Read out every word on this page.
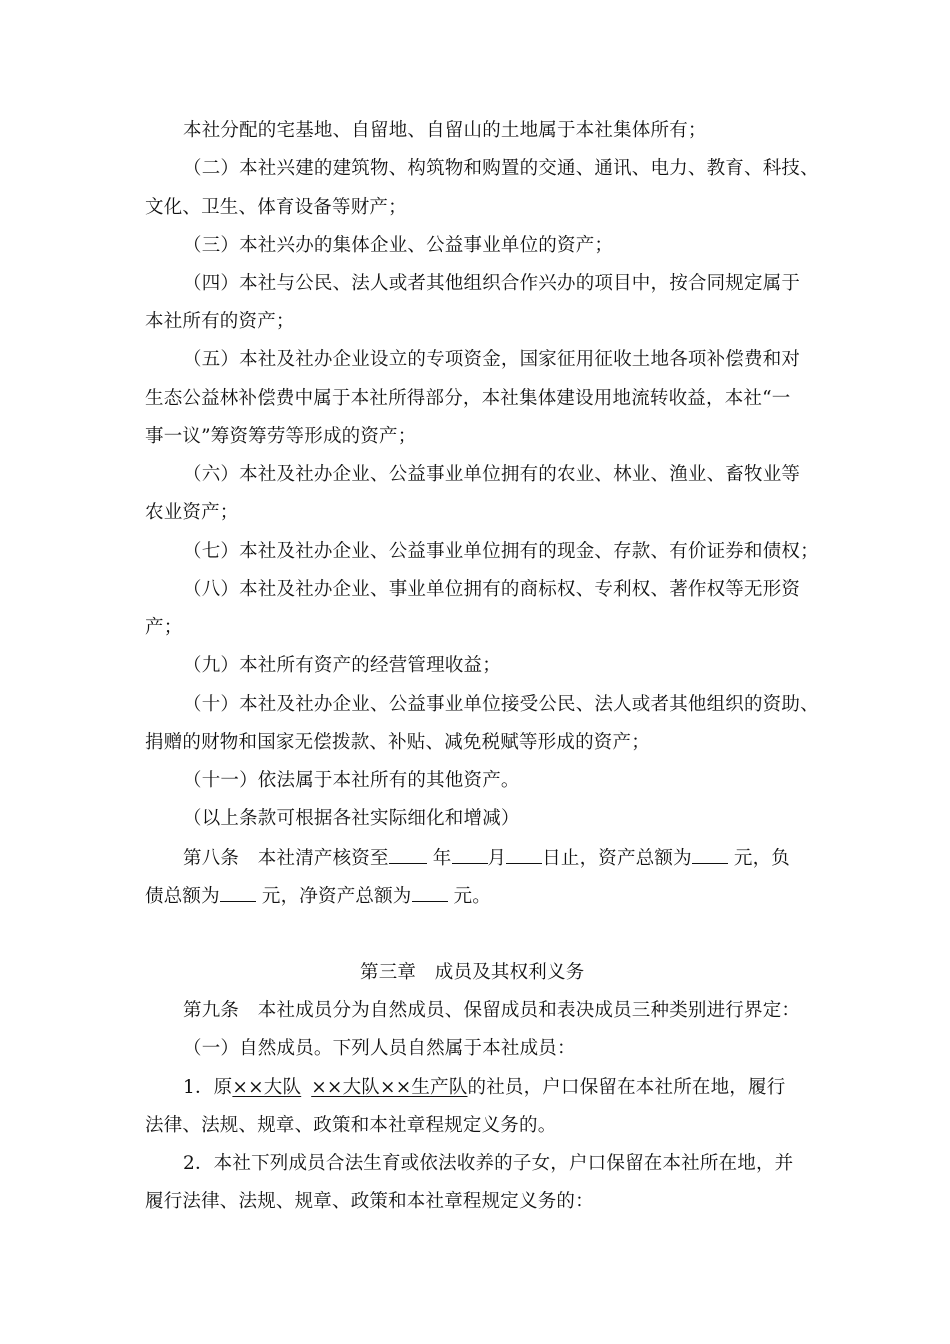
本社分配的宅基地、自留地、自留山的土地属于本社集体所有；
（二）本社兴建的建筑物、构筑物和购置的交通、通讯、电力、教育、科技、
文化、卫生、体育设备等财产；
（三）本社兴办的集体企业、公益事业单位的资产；
（四）本社与公民、法人或者其他组织合作兴办的项目中，按合同规定属于
本社所有的资产；
（五）本社及社办企业设立的专项资金，国家征用征收土地各项补偿费和对
生态公益林补偿费中属于本社所得部分，本社集体建设用地流转收益，本社“一
事一议”筹资筹劳等形成的资产；
（六）本社及社办企业、公益事业单位拥有的农业、林业、渔业、畜牧业等
农业资产；
（七）本社及社办企业、公益事业单位拥有的现金、存款、有价证券和债权；
（八）本社及社办企业、事业单位拥有的商标权、专利权、著作权等无形资
产；
（九）本社所有资产的经营管理收益；
（十）本社及社办企业、公益事业单位接受公民、法人或者其他组织的资助、
捐赠的财物和国家无偿拨款、补贴、减免税赋等形成的资产；
（十一）依法属于本社所有的其他资产。
（以上条款可根据各社实际细化和增减）
第八条　本社清产核资至 年 月 日止，资产总额为 元，负
债总额为 元，净资产总额为 元。
第三章　成员及其权利义务
第九条　本社成员分为自然成员、保留成员和表决成员三种类别进行界定：
（一）自然成员。下列人员自然属于本社成员：
1．原××大队 ××大队××生产队的社员，户口保留在本社所在地，履行
法律、法规、规章、政策和本社章程规定义务的。
2．本社下列成员合法生育或依法收养的子女，户口保留在本社所在地，并
履行法律、法规、规章、政策和本社章程规定义务的：
